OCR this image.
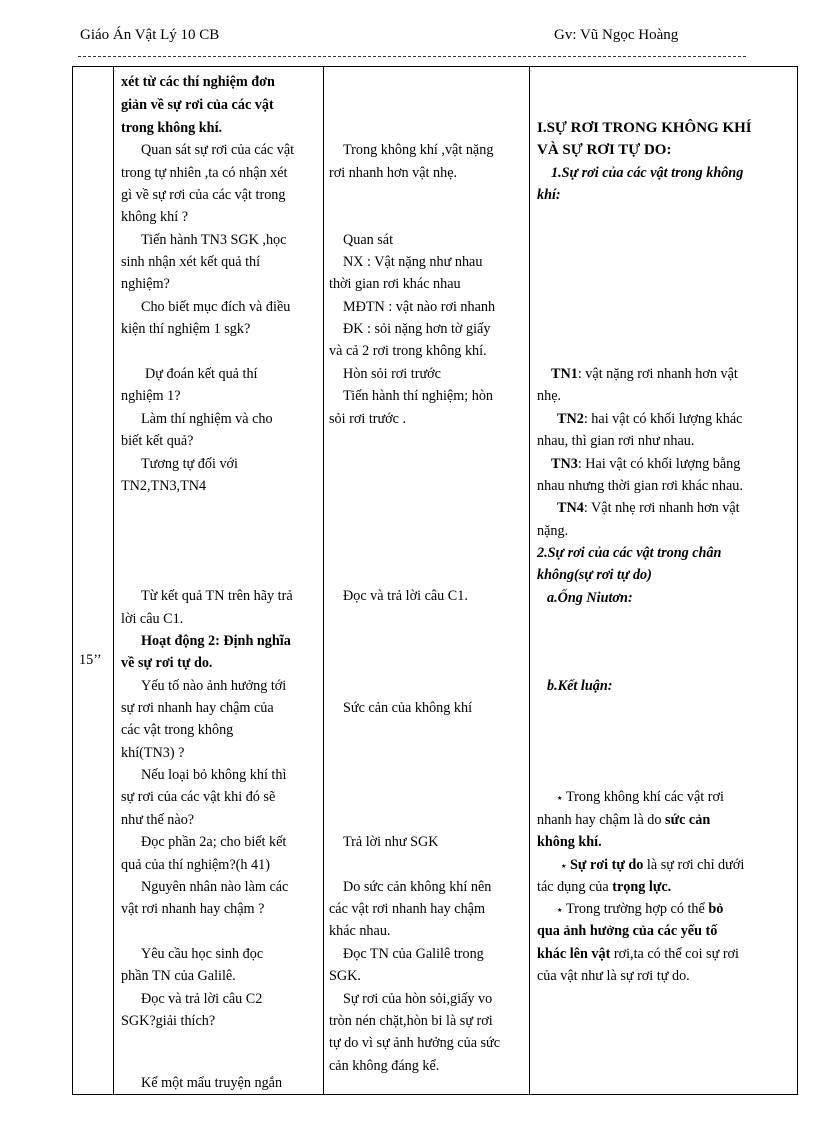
Giáo Án Vật Lý 10 CB	Gv: Vũ Ngọc Hoàng
15’’
xét từ các thí nghiệm đơn
giản về sự rơi của các vật
trong không khí.
Quan sát sự rơi của các vật
trong tự nhiên ,ta có nhận xét
gì về sự rơi của các vật trong
không khí ?
Tiến hành TN3 SGK ,học
sinh nhận xét kết quả thí
nghiệm?
Cho biết mục đích và điều
kiện thí nghiệm 1 sgk?
Dự đoán kết quả thí
nghiệm 1?
Làm thí nghiệm và cho
biết kết quả?
Tương tự đối với
TN2,TN3,TN4
Từ kết quả TN trên hãy trả
lời câu C1.
Hoạt động 2: Định nghĩa
về sự rơi tự do.
Yếu tố nào ảnh hưởng tới
sự rơi nhanh hay chậm của
các vật trong không
khí(TN3) ?
Nếu loại bỏ không khí thì
sự rơi của các vật khi đó sẽ
như thế nào?
Đọc phần 2a; cho biết kết
quả của thí nghiệm?(h 41)
Nguyên nhân nào làm các
vật rơi nhanh hay chậm ?
Yêu cầu học sinh đọc
phần TN của Galilê.
Đọc và trả lời câu C2
SGK?giải thích?
Kể một mẩu truyện ngắn
Trong không khí ,vật nặng
rơi nhanh hơn vật nhẹ.
Quan sát
NX : Vật nặng như nhau
thời gian rơi khác nhau
MĐTN : vật nào rơi nhanh
ĐK : sỏi nặng hơn tờ giấy
và cả 2 rơi trong không khí.
Hòn sỏi rơi trước
Tiến hành thí nghiệm; hòn
sỏi rơi trước .
Đọc và trả lời câu C1.
Sức cản của không khí
Trả lời như SGK
Do sức cản không khí nên
các vật rơi nhanh hay chậm
khác nhau.
Đọc TN của Galilê trong
SGK.
Sự rơi của hòn sỏi,giấy vo
tròn nén chặt,hòn bi là sự rơi
tự do vì sự ảnh hưởng của sức
cản không đáng kể.
I.SỰ RƠI TRONG KHÔNG KHÍ
VÀ SỰ RƠI TỰ DO:
1.Sự rơi của các vật trong không
khí:
TN1: vật nặng rơi nhanh hơn vật
nhẹ.
TN2: hai vật có khối lượng khác
nhau, thì gian rơi như nhau.
TN3: Hai vật có khối lượng bằng
nhau nhưng thời gian rơi khác nhau.
TN4: Vật nhẹ rơi nhanh hơn vật
nặng.
2.Sự rơi của các vật trong chân
không(sự rơi tự do)
a.Ống Niutơn:
b.Kết luận:
٭ Trong không khí các vật rơi
nhanh hay chậm là do sức cản
không khí.
٭ Sự rơi tự do là sự rơi chỉ dưới
tác dụng của trọng lực.
٭ Trong trường hợp có thể bỏ
qua ảnh hưởng của các yếu tố
khác lên vật rơi,ta có thể coi sự rơi
của vật như là sự rơi tự do.
